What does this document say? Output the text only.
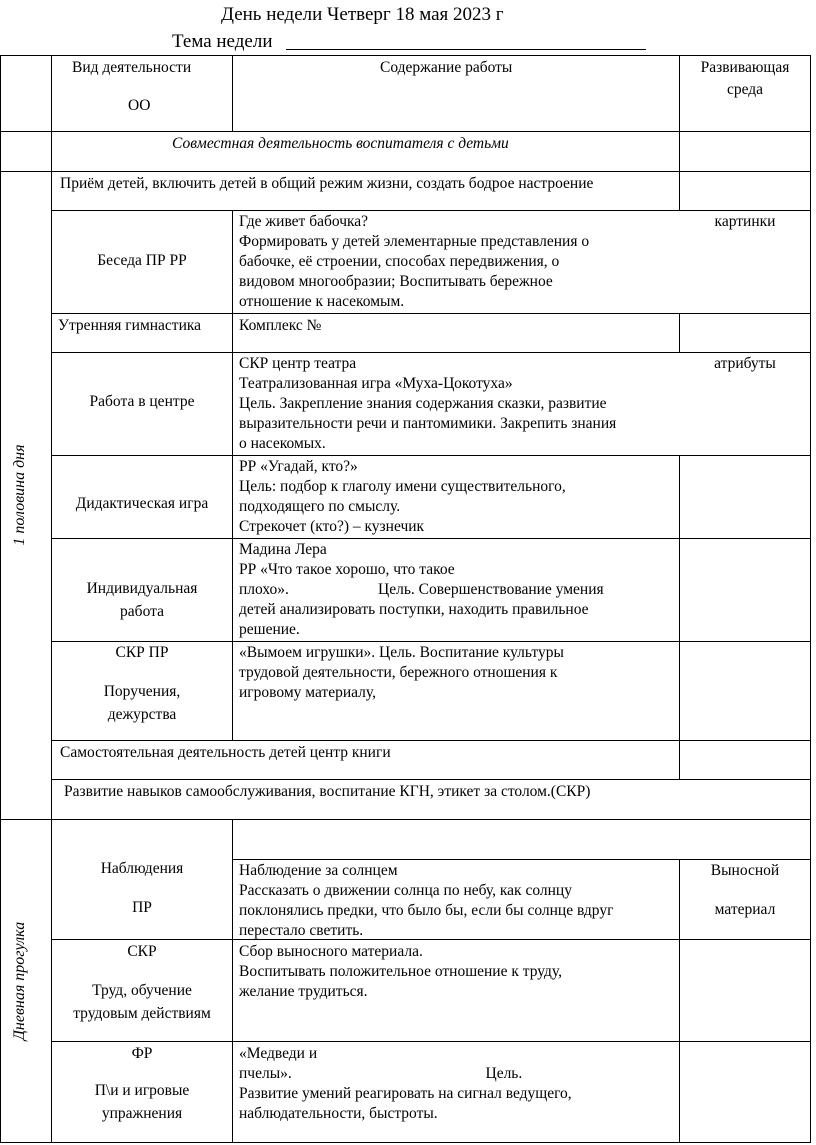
День недели Четверг 18 мая 2023 г
Тема недели
Вид деятельности
ОО
Содержание работы	Развивающая
среда
Совместная деятельность воспитателя с детьми
1 половина дня
Дневная прогулка
Приём детей, включить детей в общий режим жизни, создать бодрое настроение
Беседа ПР РР
Где живет бабочка?
Формировать у детей элементарные представления о
бабочке, её строении, способах передвижения, о
видовом многообразии; Воспитывать бережное
отношение к насекомым.
картинки
Утренняя гимнастика Комплекс №
Работа в центре
СКР центр театра
Театрализованная игра «Муха-Цокотуха»
Цель. Закрепление знания содержания сказки, развитие
выразительности речи и пантомимики. Закрепить знания
о насекомых.
атрибуты
Дидактическая игра
РР «Угадай, кто?»
Цель: подбор к глаголу имени существительного,
подходящего по смыслу.
Стрекочет (кто?) – кузнечик
Индивидуальная
работа
Мадина Лера
РР «Что такое хорошо, что такое
плохо».                       Цель. Совершенствование умения
детей анализировать поступки, находить правильное
решение.
СКР ПР
Поручения,
дежурства
«Вымоем игрушки». Цель. Воспитание культуры
трудовой деятельности, бережного отношения к
игровому материалу,
Самостоятельная деятельность детей центр книги
Развитие навыков самообслуживания, воспитание КГН, этикет за столом.(СКР)
Наблюдения
ПР
Наблюдение за солнцем
Рассказать о движении солнца по небу, как солнцу
поклонялись предки, что было бы, если бы солнце вдруг
перестало светить.
Выносной
материал
СКР
Труд, обучение
трудовым действиям
Сбор выносного материала.
Воспитывать положительное отношение к труду,
желание трудиться.
ФР
П\и и игровые
упражнения
«Медведи и
пчелы».                                                  Цель.
Развитие умений реагировать на сигнал ведущего,
наблюдательности, быстроты.
